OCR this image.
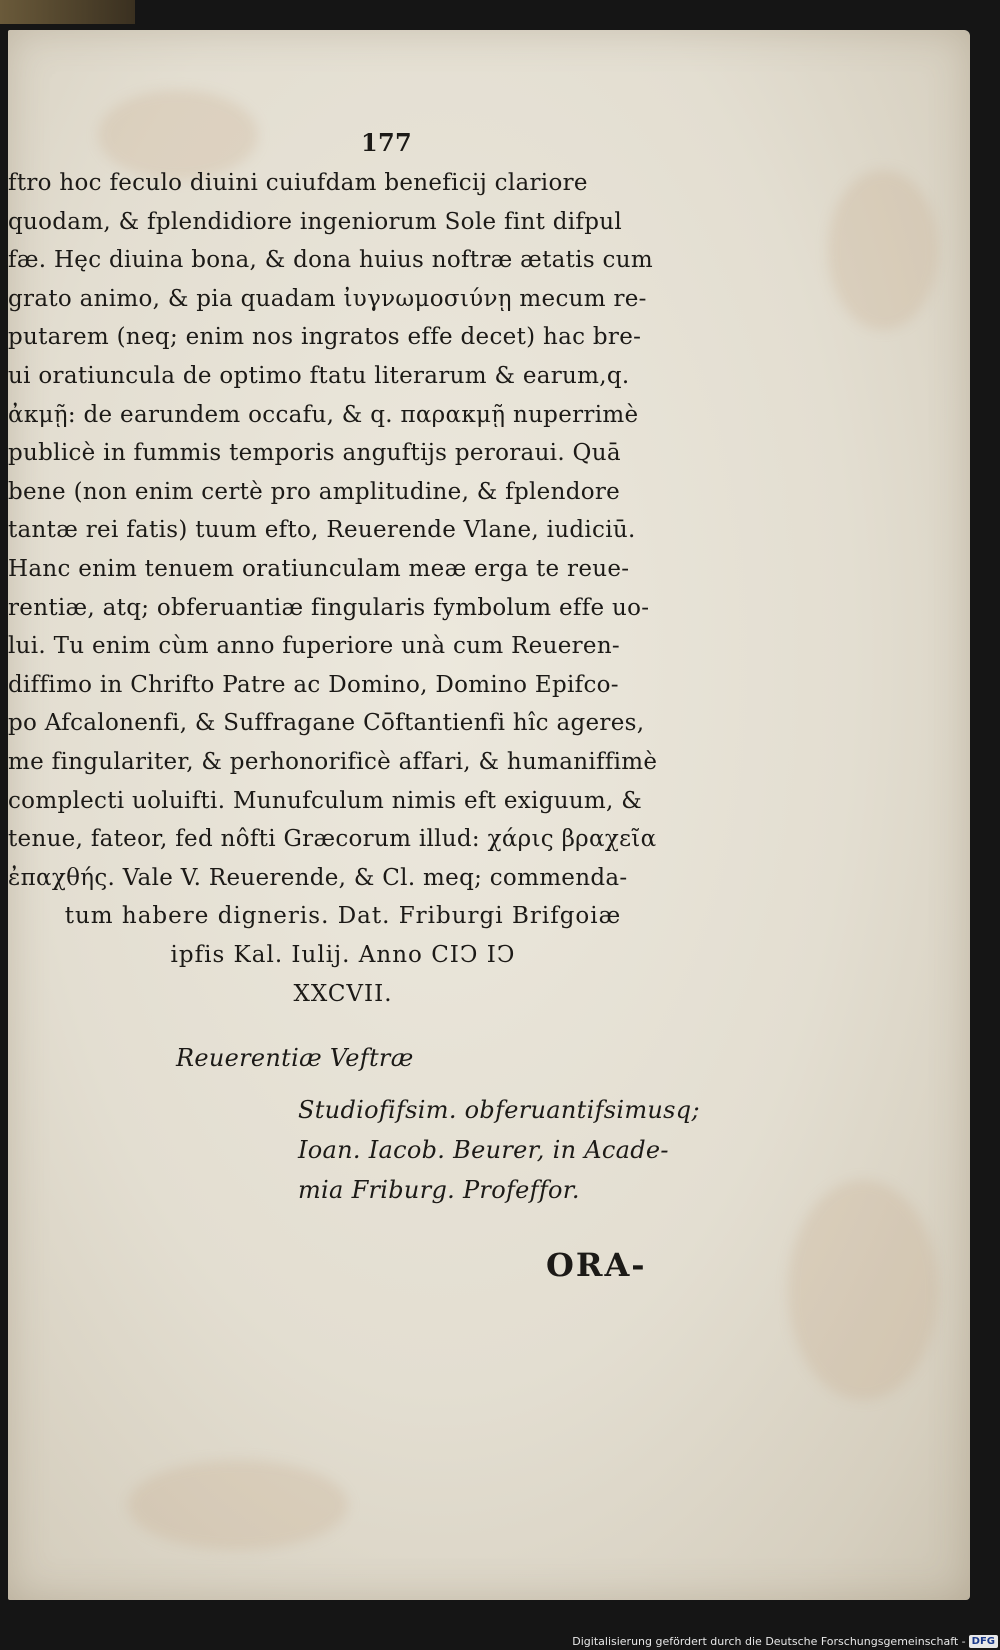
177
ftro hoc feculo diuini cuiufdam beneficij clariore
quodam, & fplendidiore ingeniorum Sole fint difpul
fæ. Hęc diuina bona, & dona huius noftræ ætatis cum
grato animo, & pia quadam ἰυγνωμοσιύνῃ mecum re-
putarem (neq; enim nos ingratos effe decet) hac bre-
ui oratiuncula de optimo ftatu literarum & earum,q.
ἀκμῇ: de earundem occafu, & q. παρακμῇ nuperrimè
publicè in fummis temporis anguftijs peroraui. Quā
bene (non enim certè pro amplitudine, & fplendore
tantæ rei fatis) tuum efto, Reuerende Vlane, iudiciū.
Hanc enim tenuem oratiunculam meæ erga te reue-
rentiæ, atq; obferuantiæ fingularis fymbolum effe uo-
lui. Tu enim cùm anno fuperiore unà cum Reueren-
diffimo in Chrifto Patre ac Domino, Domino Epifco-
po Afcalonenfi, & Suffragane Cōftantienfi hîc ageres,
me fingulariter, & perhonorificè affari, & humaniffimè
complecti uoluifti. Munufculum nimis eft exiguum, &
tenue, fateor, fed nôfti Græcorum illud: χάρις βραχεῖα
ἐπαχθής. Vale V. Reuerende, & Cl. meq; commenda-
tum habere digneris. Dat. Friburgi Brifgoiæ
ipfis Kal. Iulij. Anno CIↃ IↃ
XXCVII.
Reuerentiæ Veftræ
Studiofifsim. obferuantifsimusq;
Ioan. Iacob. Beurer, in Acade-
mia Friburg. Profeffor.
ORA-
Digitalisierung gefördert durch die Deutsche Forschungsgemeinschaft - DFG
